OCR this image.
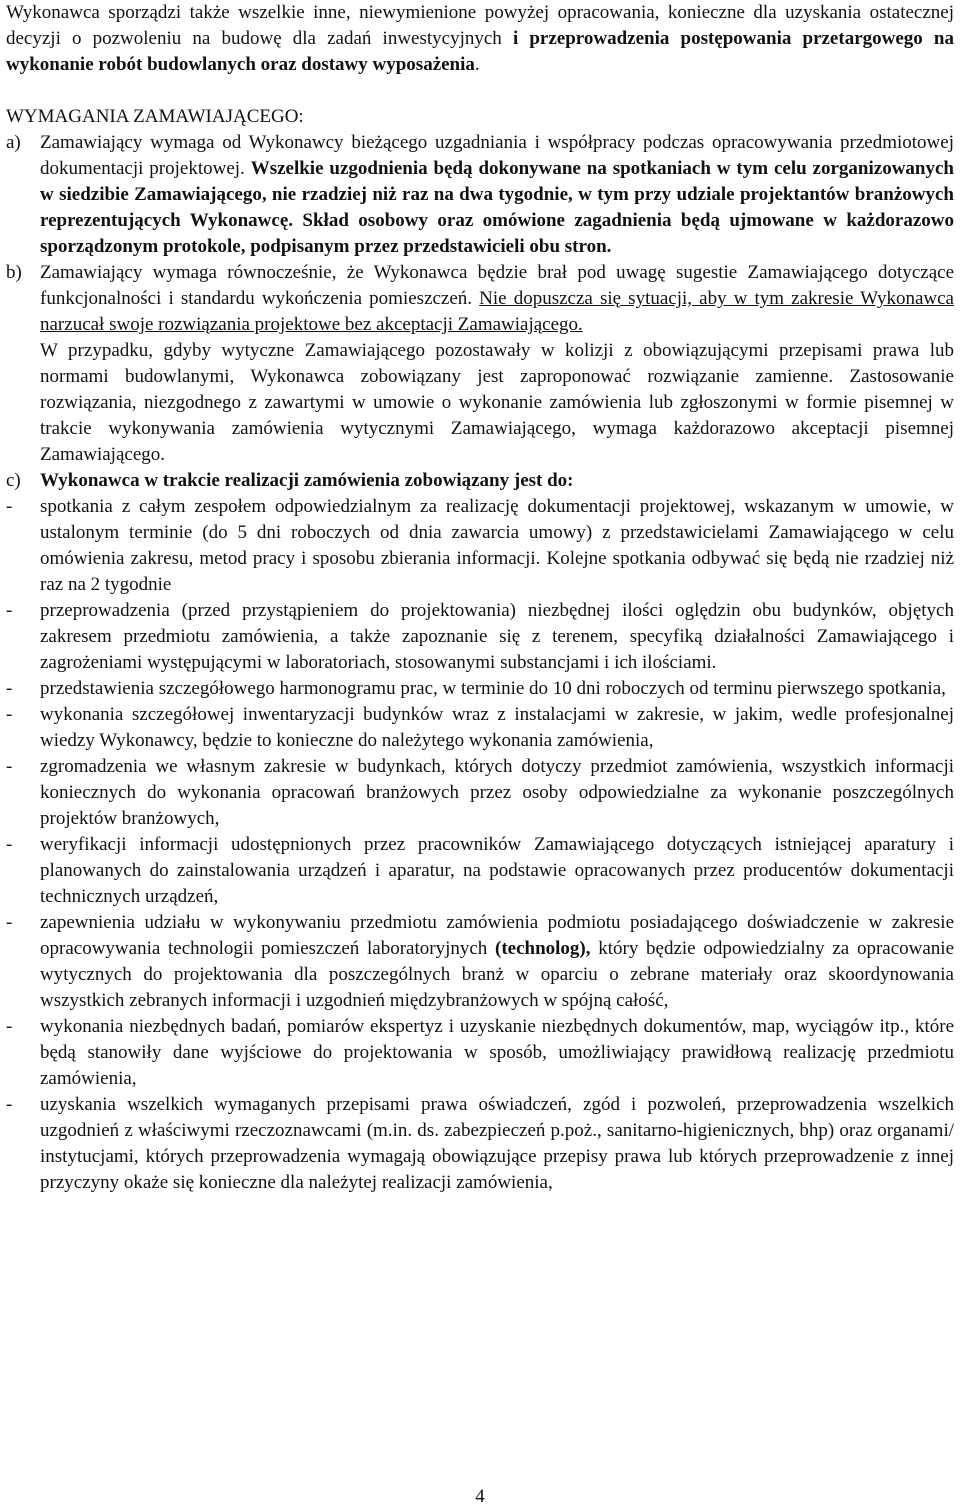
Wykonawca sporządzi także wszelkie inne, niewymienione powyżej opracowania, konieczne dla uzyskania ostatecznej decyzji o pozwoleniu na budowę dla zadań inwestycyjnych i przeprowadzenia postępowania przetargowego na wykonanie robót budowlanych oraz dostawy wyposażenia.

WYMAGANIA ZAMAWIAJĄCEGO:

a)	Zamawiający wymaga od Wykonawcy bieżącego uzgadniania i współpracy podczas opracowywania przedmiotowej dokumentacji projektowej. Wszelkie uzgodnienia będą dokonywane na spotkaniach w tym celu zorganizowanych w siedzibie Zamawiającego, nie rzadziej niż raz na dwa tygodnie, w tym przy udziale projektantów branżowych reprezentujących Wykonawcę. Skład osobowy oraz omówione zagadnienia będą ujmowane w każdorazowo sporządzonym protokole, podpisanym przez przedstawicieli obu stron.
b) Zamawiający wymaga równocześnie, że Wykonawca będzie brał pod uwagę sugestie Zamawiającego dotyczące funkcjonalności i standardu wykończenia pomieszczeń. Nie dopuszcza się sytuacji, aby w tym zakresie Wykonawca narzucał swoje rozwiązania projektowe bez akceptacji Zamawiającego.

W przypadku, gdyby wytyczne Zamawiającego pozostawały w kolizji z obowiązującymi przepisami prawa lub normami budowlanymi, Wykonawca zobowiązany jest zaproponować rozwiązanie zamienne. Zastosowanie rozwiązania, niezgodnego z zawartymi w umowie o wykonanie zamówienia lub zgłoszonymi w formie pisemnej w trakcie wykonywania zamówienia wytycznymi Zamawiającego, wymaga każdorazowo akceptacji pisemnej Zamawiającego.

c)	Wykonawca w trakcie realizacji zamówienia zobowiązany jest do:
-	spotkania z całym zespołem odpowiedzialnym za realizację dokumentacji projektowej, wskazanym w umowie, w ustalonym terminie (do 5 dni roboczych od dnia zawarcia umowy) z przedstawicielami Zamawiającego w celu omówienia zakresu, metod pracy i sposobu zbierania informacji. Kolejne spotkania odbywać się będą nie rzadziej niż raz na 2 tygodnie
-	przeprowadzenia (przed przystąpieniem do projektowania) niezbędnej ilości oględzin obu budynków, objętych zakresem przedmiotu zamówienia, a także zapoznanie się z terenem, specyfiką działalności Zamawiającego i zagrożeniami występującymi w laboratoriach, stosowanymi substancjami i ich ilościami.
-	przedstawienia szczegółowego harmonogramu prac, w terminie do 10 dni roboczych od terminu pierwszego spotkania,
-	wykonania szczegółowej inwentaryzacji budynków wraz z instalacjami w zakresie, w jakim, wedle profesjonalnej wiedzy Wykonawcy, będzie to konieczne do należytego wykonania zamówienia,
-	zgromadzenia we własnym zakresie w budynkach, których dotyczy przedmiot zamówienia, wszystkich informacji koniecznych do wykonania opracowań branżowych przez osoby odpowiedzialne za wykonanie poszczególnych projektów branżowych,
-	weryfikacji informacji udostępnionych przez pracowników Zamawiającego dotyczących istniejącej aparatury i planowanych do zainstalowania urządzeń i aparatur, na podstawie opracowanych przez producentów dokumentacji technicznych urządzeń,
-	zapewnienia udziału w wykonywaniu przedmiotu zamówienia podmiotu posiadającego doświadczenie w zakresie opracowywania technologii pomieszczeń laboratoryjnych (technolog), który będzie odpowiedzialny za opracowanie wytycznych do projektowania dla poszczególnych branż w oparciu o zebrane materiały oraz skoordynowania wszystkich zebranych informacji i uzgodnień międzybranżowych w spójną całość,
-	wykonania niezbędnych badań, pomiarów ekspertyz i uzyskanie niezbędnych dokumentów, map, wyciągów itp., które będą stanowiły dane wyjściowe do projektowania w sposób, umożliwiający prawidłową realizację przedmiotu zamówienia,
-	uzyskania wszelkich wymaganych przepisami prawa oświadczeń, zgód i pozwoleń, przeprowadzenia wszelkich uzgodnień z właściwymi rzeczoznawcami (m.in. ds. zabezpieczeń p.poż., sanitarno-higienicznych, bhp) oraz organami/ instytucjami, których przeprowadzenia wymagają obowiązujące przepisy prawa lub których przeprowadzenie z innej przyczyny okaże się konieczne dla należytej realizacji zamówienia,
4
